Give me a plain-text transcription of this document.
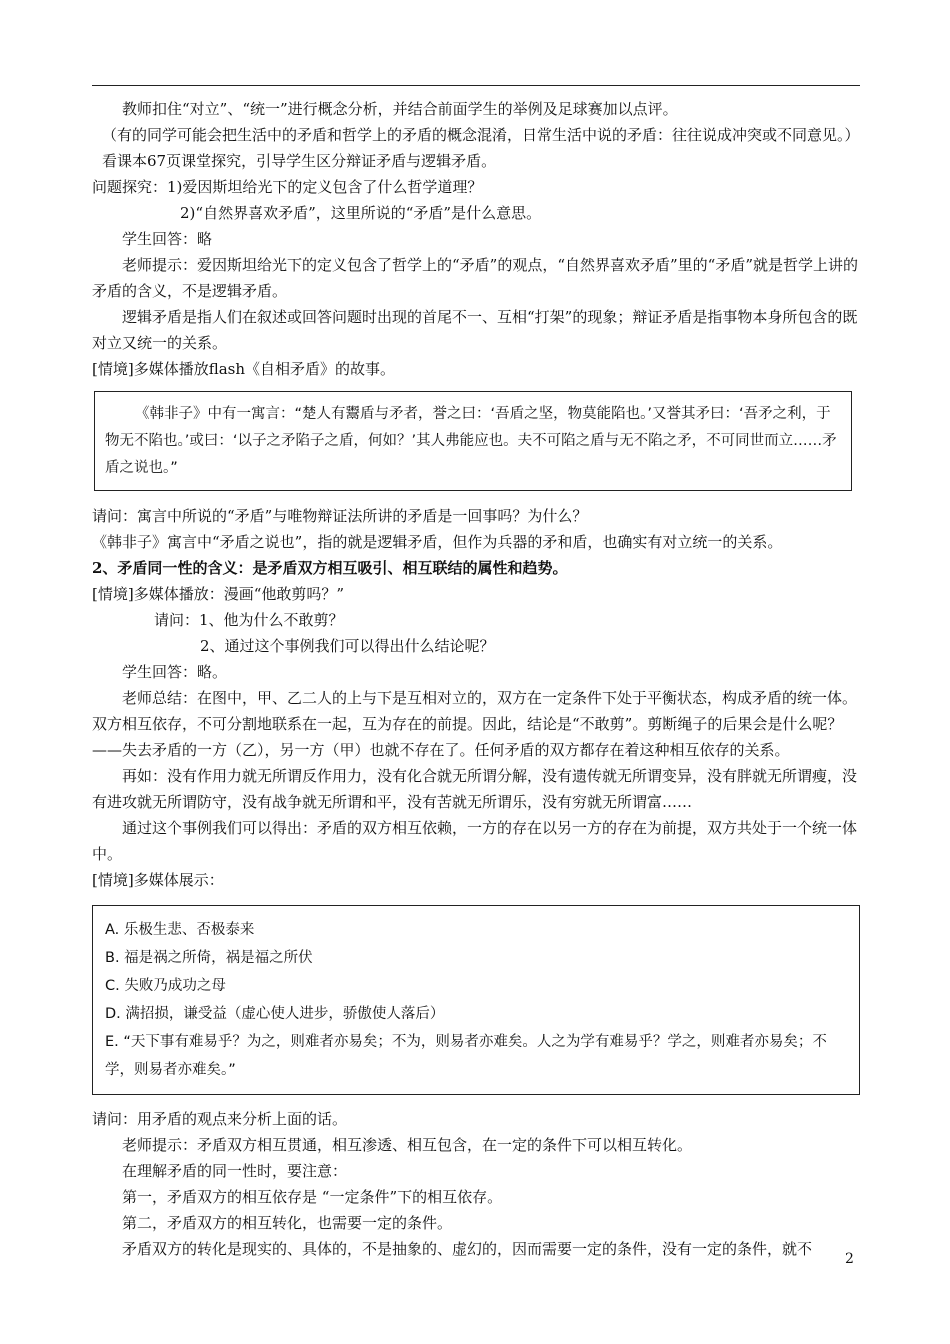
教师扣住“对立”、“统一”进行概念分析，并结合前面学生的举例及足球赛加以点评。

（有的同学可能会把生活中的矛盾和哲学上的矛盾的概念混淆，日常生活中说的矛盾：往往说成冲突或不同意见。）看课本67页课堂探究，引导学生区分辩证矛盾与逻辑矛盾。

问题探究：1)爱因斯坦给光下的定义包含了什么哲学道理？

2)“自然界喜欢矛盾”，这里所说的“矛盾”是什么意思。

学生回答：略

老师提示：爱因斯坦给光下的定义包含了哲学上的“矛盾”的观点，“自然界喜欢矛盾”里的“矛盾”就是哲学上讲的矛盾的含义，不是逻辑矛盾。

逻辑矛盾是指人们在叙述或回答问题时出现的首尾不一、互相“打架”的现象；辩证矛盾是指事物本身所包含的既对立又统一的关系。

[情境]多媒体播放flash《自相矛盾》的故事。

《韩非子》中有一寓言：“楚人有鬻盾与矛者，誉之曰：‘吾盾之坚，物莫能陷也。’又誉其矛曰：‘吾矛之利，于物无不陷也。’或曰：‘以子之矛陷子之盾，何如？’其人弗能应也。夫不可陷之盾与无不陷之矛，不可同世而立……矛盾之说也。”

请问：寓言中所说的“矛盾”与唯物辩证法所讲的矛盾是一回事吗？为什么？

《韩非子》寓言中“矛盾之说也”，指的就是逻辑矛盾，但作为兵器的矛和盾，也确实有对立统一的关系。

2、矛盾同一性的含义：是矛盾双方相互吸引、相互联结的属性和趋势。

[情境]多媒体播放：漫画“他敢剪吗？”

请问：1、他为什么不敢剪？

2、通过这个事例我们可以得出什么结论呢？

学生回答：略。

老师总结：在图中，甲、乙二人的上与下是互相对立的，双方在一定条件下处于平衡状态，构成矛盾的统一体。双方相互依存，不可分割地联系在一起，互为存在的前提。因此，结论是“不敢剪”。剪断绳子的后果会是什么呢？——失去矛盾的一方（乙），另一方（甲）也就不存在了。任何矛盾的双方都存在着这种相互依存的关系。

再如：没有作用力就无所谓反作用力，没有化合就无所谓分解，没有遗传就无所谓变异，没有胖就无所谓瘦，没有进攻就无所谓防守，没有战争就无所谓和平，没有苦就无所谓乐，没有穷就无所谓富……

通过这个事例我们可以得出：矛盾的双方相互依赖，一方的存在以另一方的存在为前提，双方共处于一个统一体中。

[情境]多媒体展示：

A. 乐极生悲、否极泰来

B. 福是祸之所倚，祸是福之所伏

C. 失败乃成功之母

D. 满招损，谦受益（虚心使人进步，骄傲使人落后）

E. “天下事有难易乎？为之，则难者亦易矣；不为，则易者亦难矣。人之为学有难易乎？学之，则难者亦易矣；不学，则易者亦难矣。”

请问：用矛盾的观点来分析上面的话。

老师提示：矛盾双方相互贯通，相互渗透、相互包含，在一定的条件下可以相互转化。

在理解矛盾的同一性时，要注意：

第一，矛盾双方的相互依存是 “一定条件”下的相互依存。

第二，矛盾双方的相互转化，也需要一定的条件。

矛盾双方的转化是现实的、具体的，不是抽象的、虚幻的，因而需要一定的条件，没有一定的条件，就不

2
